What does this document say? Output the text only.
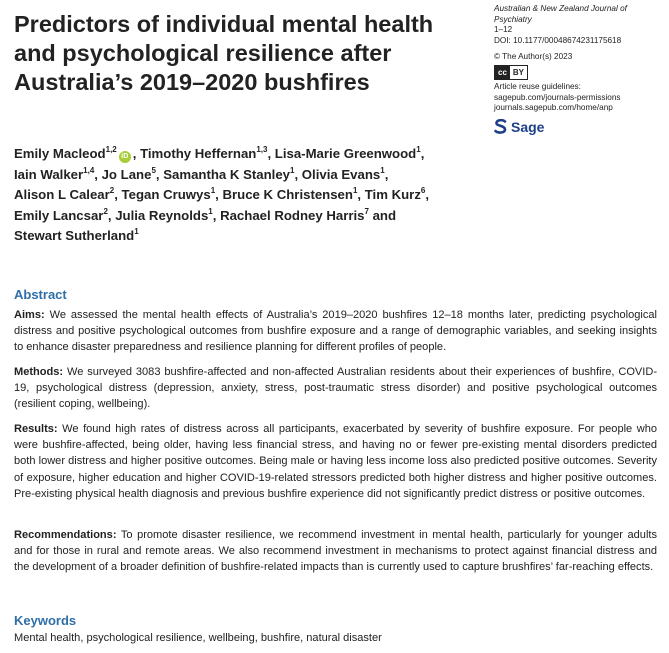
Predictors of individual mental health and psychological resilience after Australia’s 2019–2020 bushfires
Australian & New Zealand Journal of Psychiatry
1–12
DOI: 10.1177/00048674231175618
© The Author(s) 2023
cc BY
Article reuse guidelines:
sagepub.com/journals-permissions
journals.sagepub.com/home/anp
Sage
Emily Macleod$^{1,2}$iD , Timothy Heffernan$^{1,3}$, Lisa-Marie Greenwood$^1$,
Iain Walker$^{1,4}$, Jo Lane$^5$, Samantha K Stanley$^1$, Olivia Evans$^1$,
Alison L Calear$^2$, Tegan Cruwys$^1$, Bruce K Christensen$^1$, Tim Kurz$^6$,
Emily Lancsar$^2$, Julia Reynolds$^1$, Rachael Rodney Harris$^7$ and
Stewart Sutherland$^1$
Abstract
Aims: We assessed the mental health effects of Australia’s 2019–2020 bushfires 12–18 months later, predicting psychological distress and positive psychological outcomes from bushfire exposure and a range of demographic variables, and seeking insights to enhance disaster preparedness and resilience planning for different profiles of people.
Methods: We surveyed 3083 bushfire-affected and non-affected Australian residents about their experiences of bushfire, COVID-19, psychological distress (depression, anxiety, stress, post-traumatic stress disorder) and positive psychological outcomes (resilient coping, wellbeing).
Results: We found high rates of distress across all participants, exacerbated by severity of bushfire exposure. For people who were bushfire-affected, being older, having less financial stress, and having no or fewer pre-existing mental disorders predicted both lower distress and higher positive outcomes. Being male or having less income loss also predicted positive outcomes. Severity of exposure, higher education and higher COVID-19-related stressors predicted both higher distress and higher positive outcomes. Pre-existing physical health diagnosis and previous bushfire experience did not significantly predict distress or positive outcomes.
Recommendations: To promote disaster resilience, we recommend investment in mental health, particularly for younger adults and for those in rural and remote areas. We also recommend investment in mechanisms to protect against financial distress and the development of a broader definition of bushfire-related impacts than is currently used to capture brushfires’ far-reaching effects.
Keywords
Mental health, psychological resilience, wellbeing, bushfire, natural disaster
